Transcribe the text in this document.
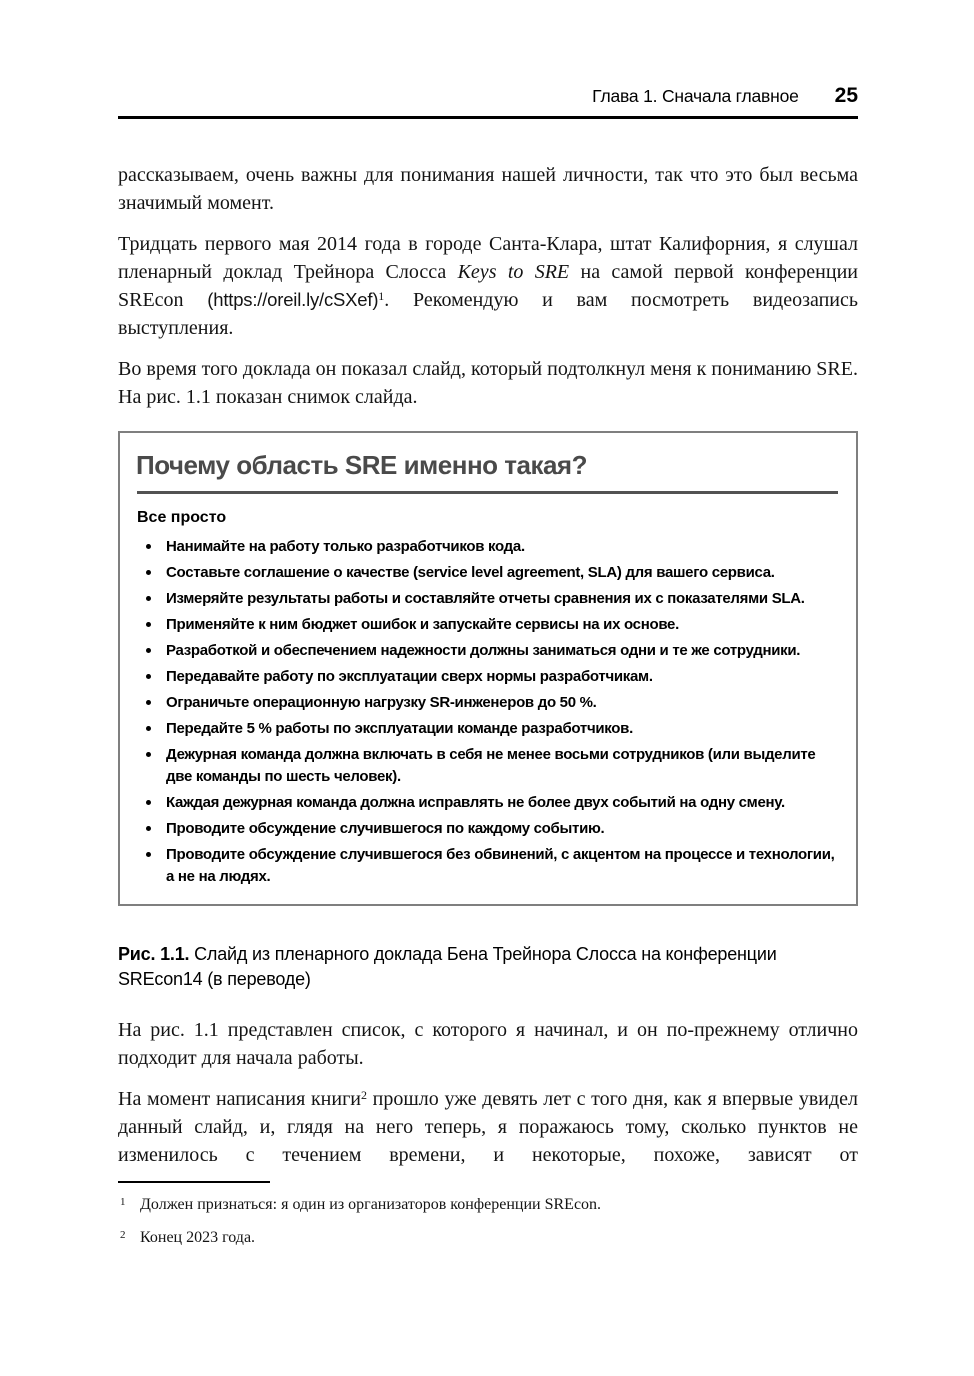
Глава 1. Сначала главное 25

рассказываем, очень важны для понимания нашей личности, так что это был весьма значимый момент.

Тридцать первого мая 2014 года в городе Санта-Клара, штат Калифорния, я слушал пленарный доклад Трейнора Слосса Keys to SRE на самой первой конференции SREcon (https://oreil.ly/cSXef)$^1$. Рекомендую и вам посмотреть видеозапись выступления.

Во время того доклада он показал слайд, который подтолкнул меня к пониманию SRE. На рис. 1.1 показан снимок слайда.

Почему область SRE именно такая?

Все просто

Нанимайте на работу только разработчиков кода.
Составьте соглашение о качестве (service level agreement, SLA) для вашего сервиса.
Измеряйте результаты работы и составляйте отчеты сравнения их с показателями SLA.
Применяйте к ним бюджет ошибок и запускайте сервисы на их основе.
Разработкой и обеспечением надежности должны заниматься одни и те же сотрудники.
Передавайте работу по эксплуатации сверх нормы разработчикам.
Ограничьте операционную нагрузку SR-инженеров до 50 %.
Передайте 5 % работы по эксплуатации команде разработчиков.
Дежурная команда должна включать в себя не менее восьми сотрудников (или выделите две команды по шесть человек).
Каждая дежурная команда должна исправлять не более двух событий на одну смену.
Проводите обсуждение случившегося по каждому событию.
Проводите обсуждение случившегося без обвинений, с акцентом на процессе и технологии, а не на людях.
Рис. 1.1. Слайд из пленарного доклада Бена Трейнора Слосса на конференции SREcon14 (в переводе)

На рис. 1.1 представлен список, с которого я начинал, и он по-прежнему отлично подходит для начала работы.

На момент написания книги$^2$ прошло уже девять лет с того дня, как я впервые увидел данный слайд, и, глядя на него теперь, я поражаюсь тому, сколько пунктов не изменилось с течением времени, и некоторые, похоже, зависят от

1 Должен признаться: я один из организаторов конференции SREcon.

2 Конец 2023 года.
